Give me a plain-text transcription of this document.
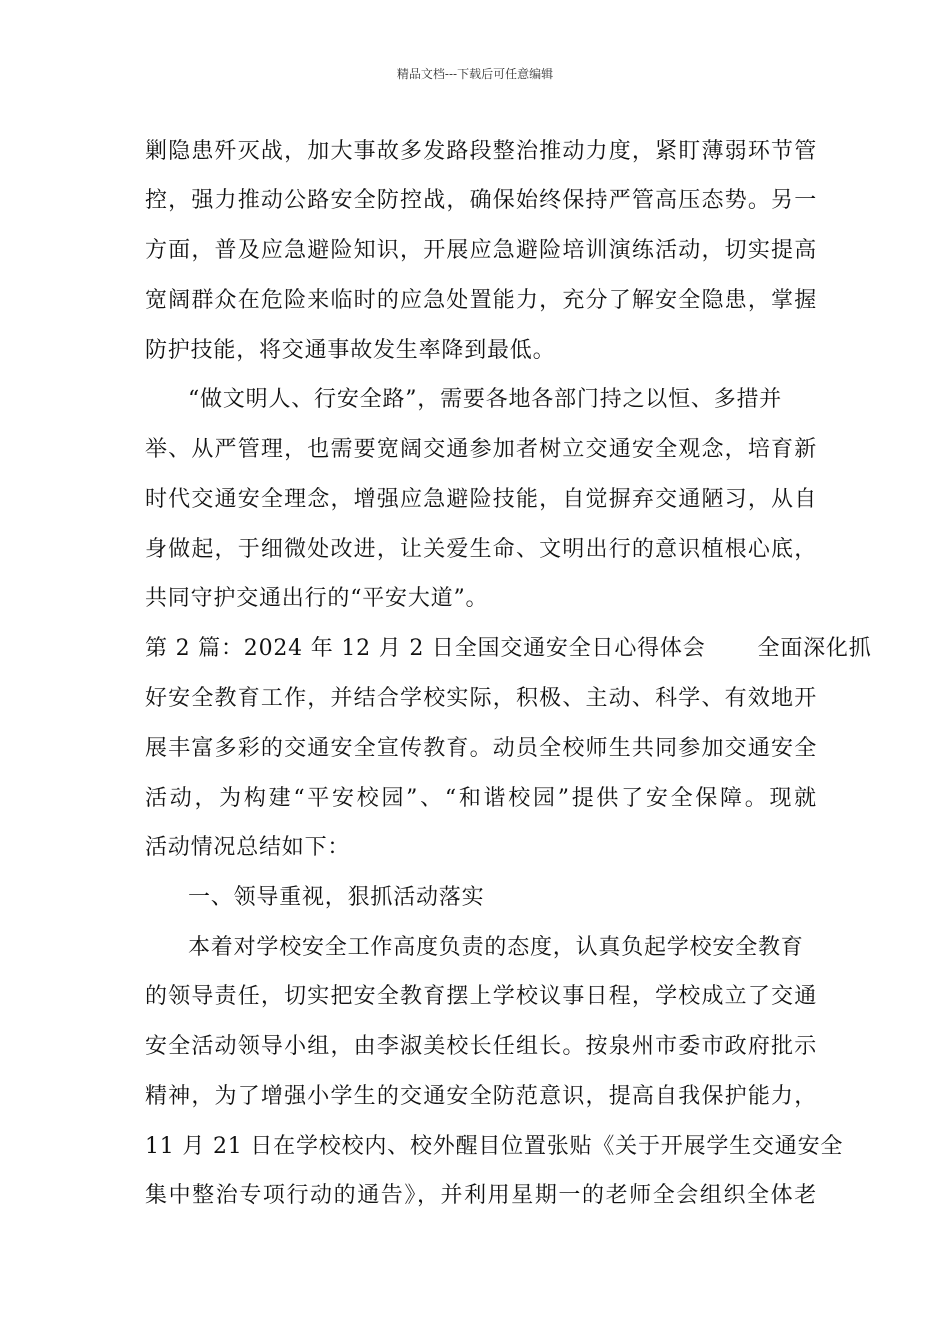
精品文档---下载后可任意编辑
剿隐患歼灭战，加大事故多发路段整治推动力度，紧盯薄弱环节管
控，强力推动公路安全防控战，确保始终保持严管高压态势。另一
方面，普及应急避险知识，开展应急避险培训演练活动，切实提高
宽阔群众在危险来临时的应急处置能力，充分了解安全隐患，掌握
防护技能，将交通事故发生率降到最低。
“做文明人、行安全路”，需要各地各部门持之以恒、多措并
举、从严管理，也需要宽阔交通参加者树立交通安全观念，培育新
时代交通安全理念，增强应急避险技能，自觉摒弃交通陋习，从自
身做起，于细微处改进，让关爱生命、文明出行的意识植根心底，
共同守护交通出行的“平安大道”。
第 2 篇：2024 年 12 月 2 日全国交通安全日心得体会 全面深化抓
好安全教育工作，并结合学校实际，积极、主动、科学、有效地开
展丰富多彩的交通安全宣传教育。动员全校师生共同参加交通安全
活动，为构建“平安校园”、“和谐校园”提供了安全保障。现就
活动情况总结如下：
一、领导重视，狠抓活动落实
本着对学校安全工作高度负责的态度，认真负起学校安全教育
的领导责任，切实把安全教育摆上学校议事日程，学校成立了交通
安全活动领导小组，由李淑美校长任组长。按泉州市委市政府批示
精神，为了增强小学生的交通安全防范意识，提高自我保护能力，
11 月 21 日在学校校内、校外醒目位置张贴《关于开展学生交通安全
集中整治专项行动的通告》，并利用星期一的老师全会组织全体老
